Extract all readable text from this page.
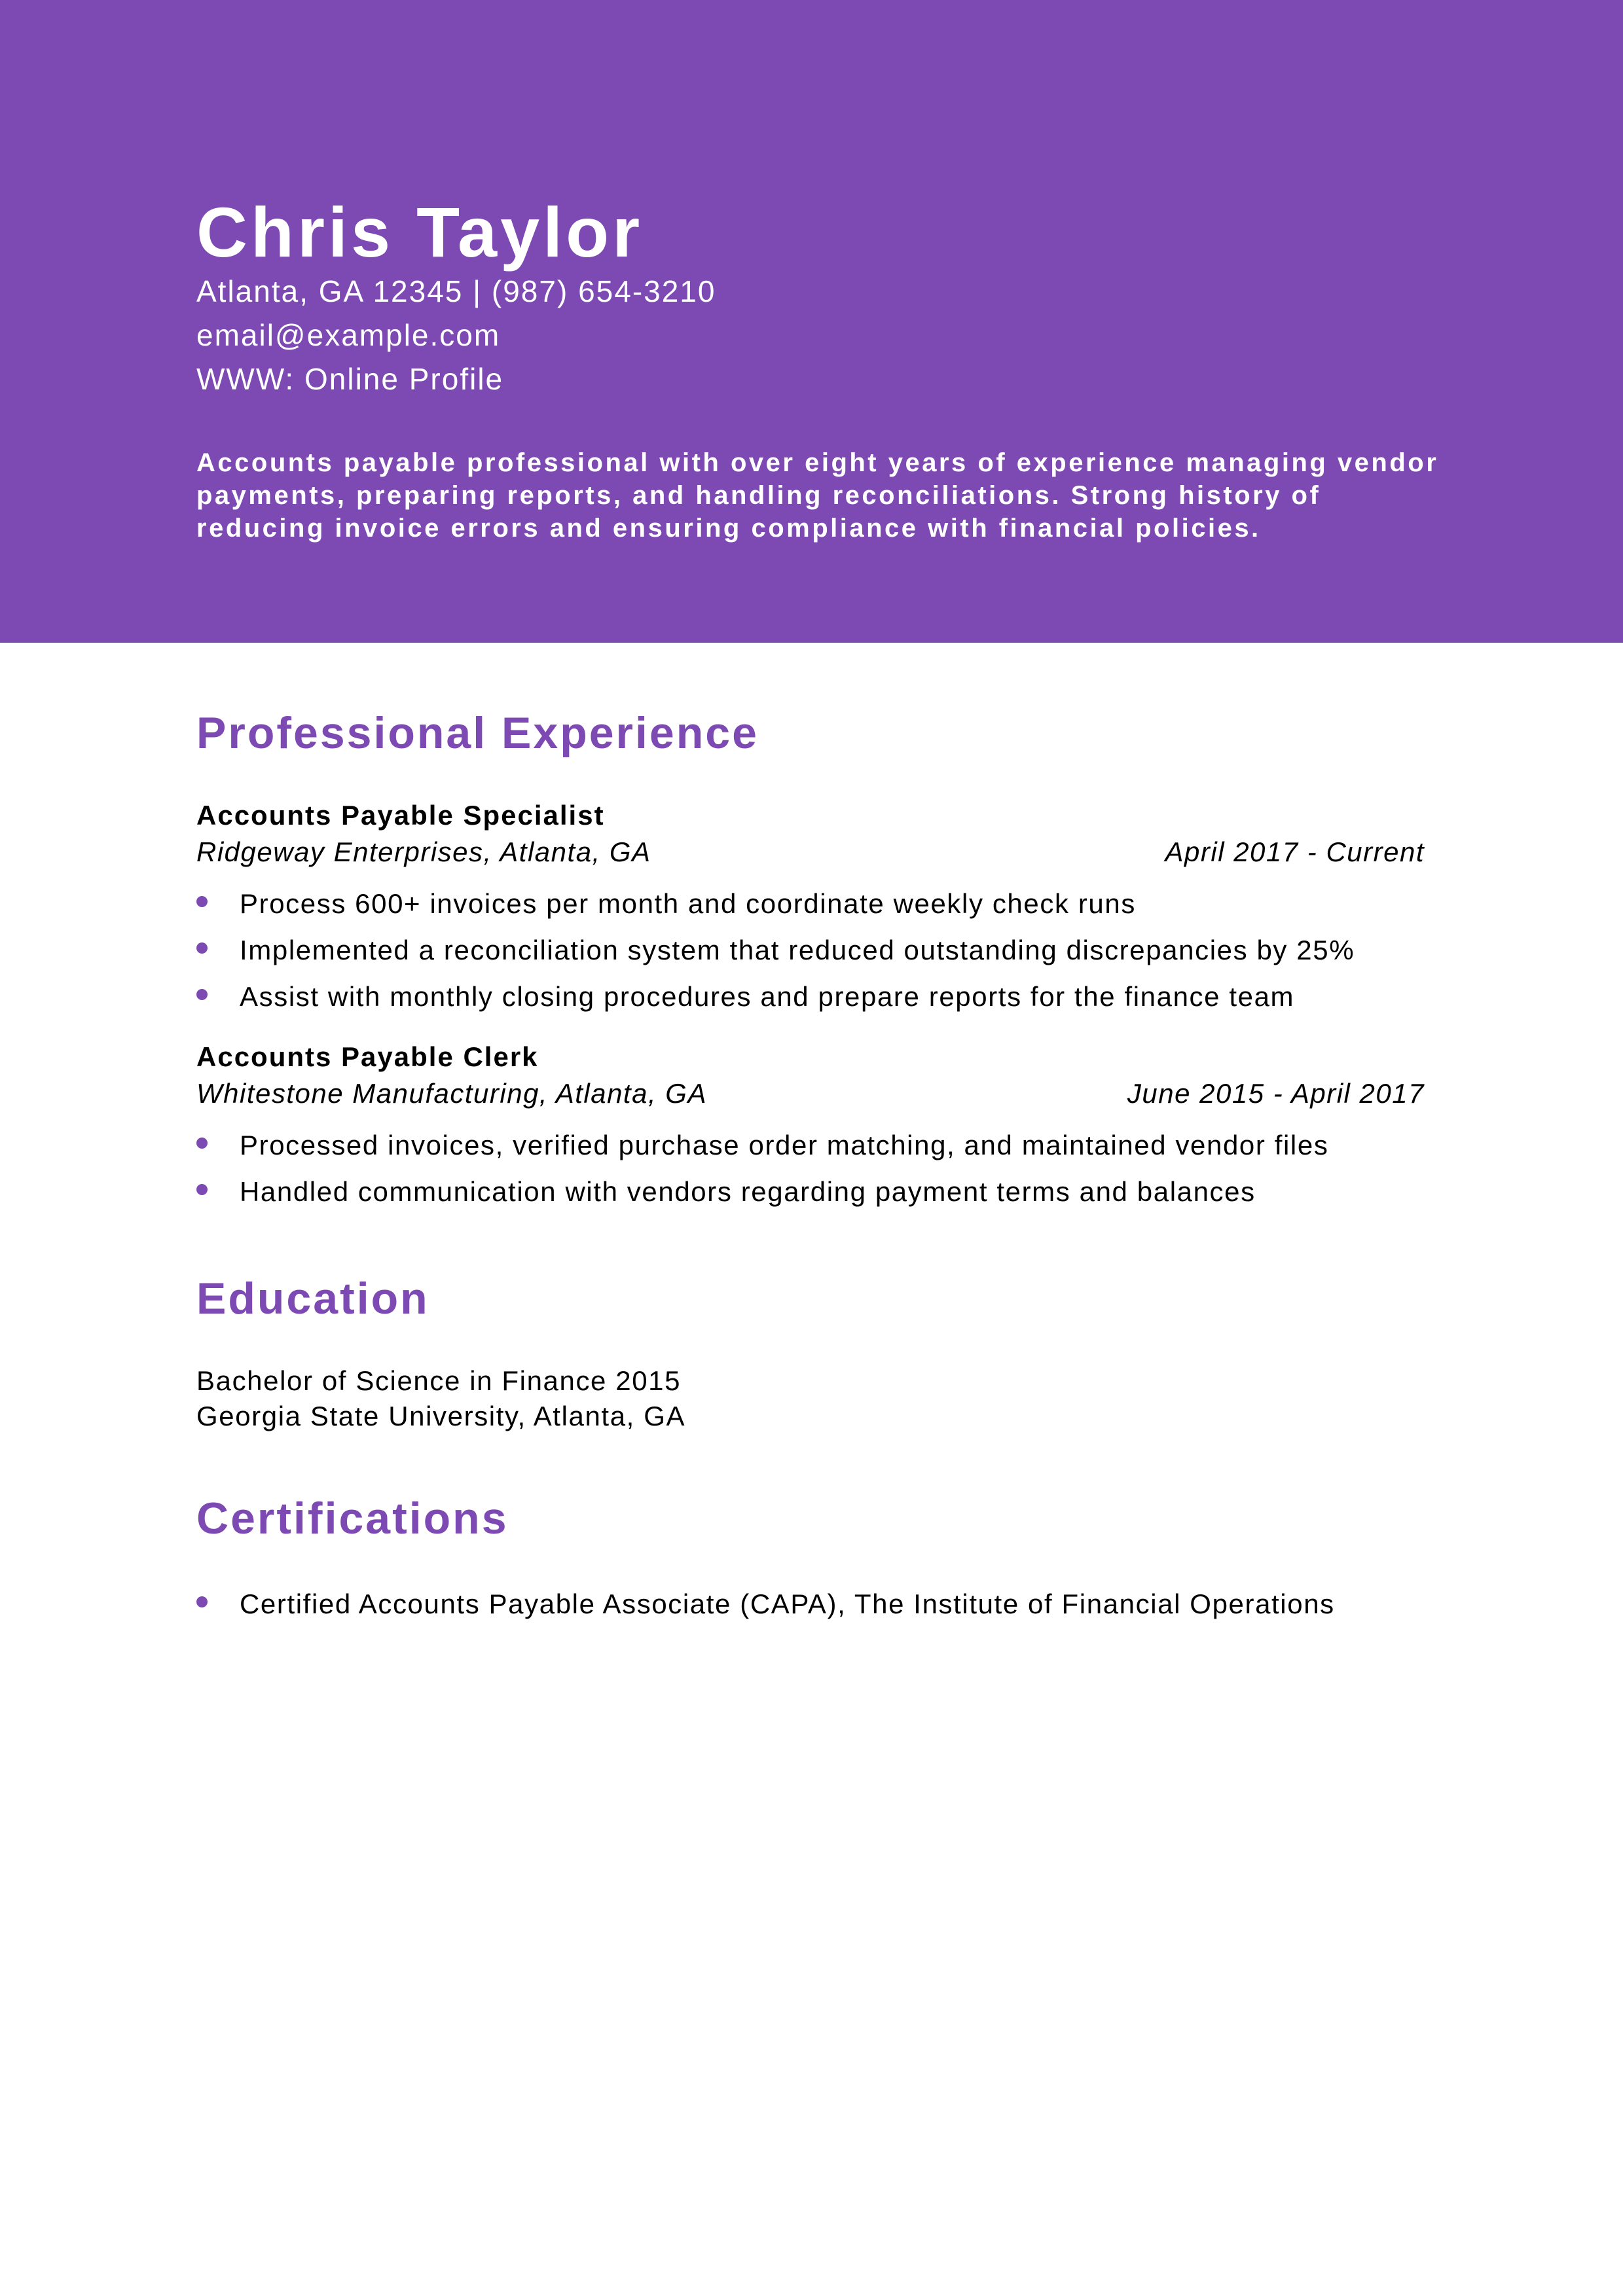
Chris Taylor
Atlanta, GA 12345 | (987) 654-3210
email@example.com
WWW: Online Profile
Accounts payable professional with over eight years of experience managing vendor payments, preparing reports, and handling reconciliations. Strong history of reducing invoice errors and ensuring compliance with financial policies.
Professional Experience
Accounts Payable Specialist
Ridgeway Enterprises, Atlanta, GA	April 2017 - Current
Process 600+ invoices per month and coordinate weekly check runs
Implemented a reconciliation system that reduced outstanding discrepancies by 25%
Assist with monthly closing procedures and prepare reports for the finance team
Accounts Payable Clerk
Whitestone Manufacturing, Atlanta, GA	June 2015 - April 2017
Processed invoices, verified purchase order matching, and maintained vendor files
Handled communication with vendors regarding payment terms and balances
Education
Bachelor of Science in Finance 2015
Georgia State University, Atlanta, GA
Certifications
Certified Accounts Payable Associate (CAPA), The Institute of Financial Operations
